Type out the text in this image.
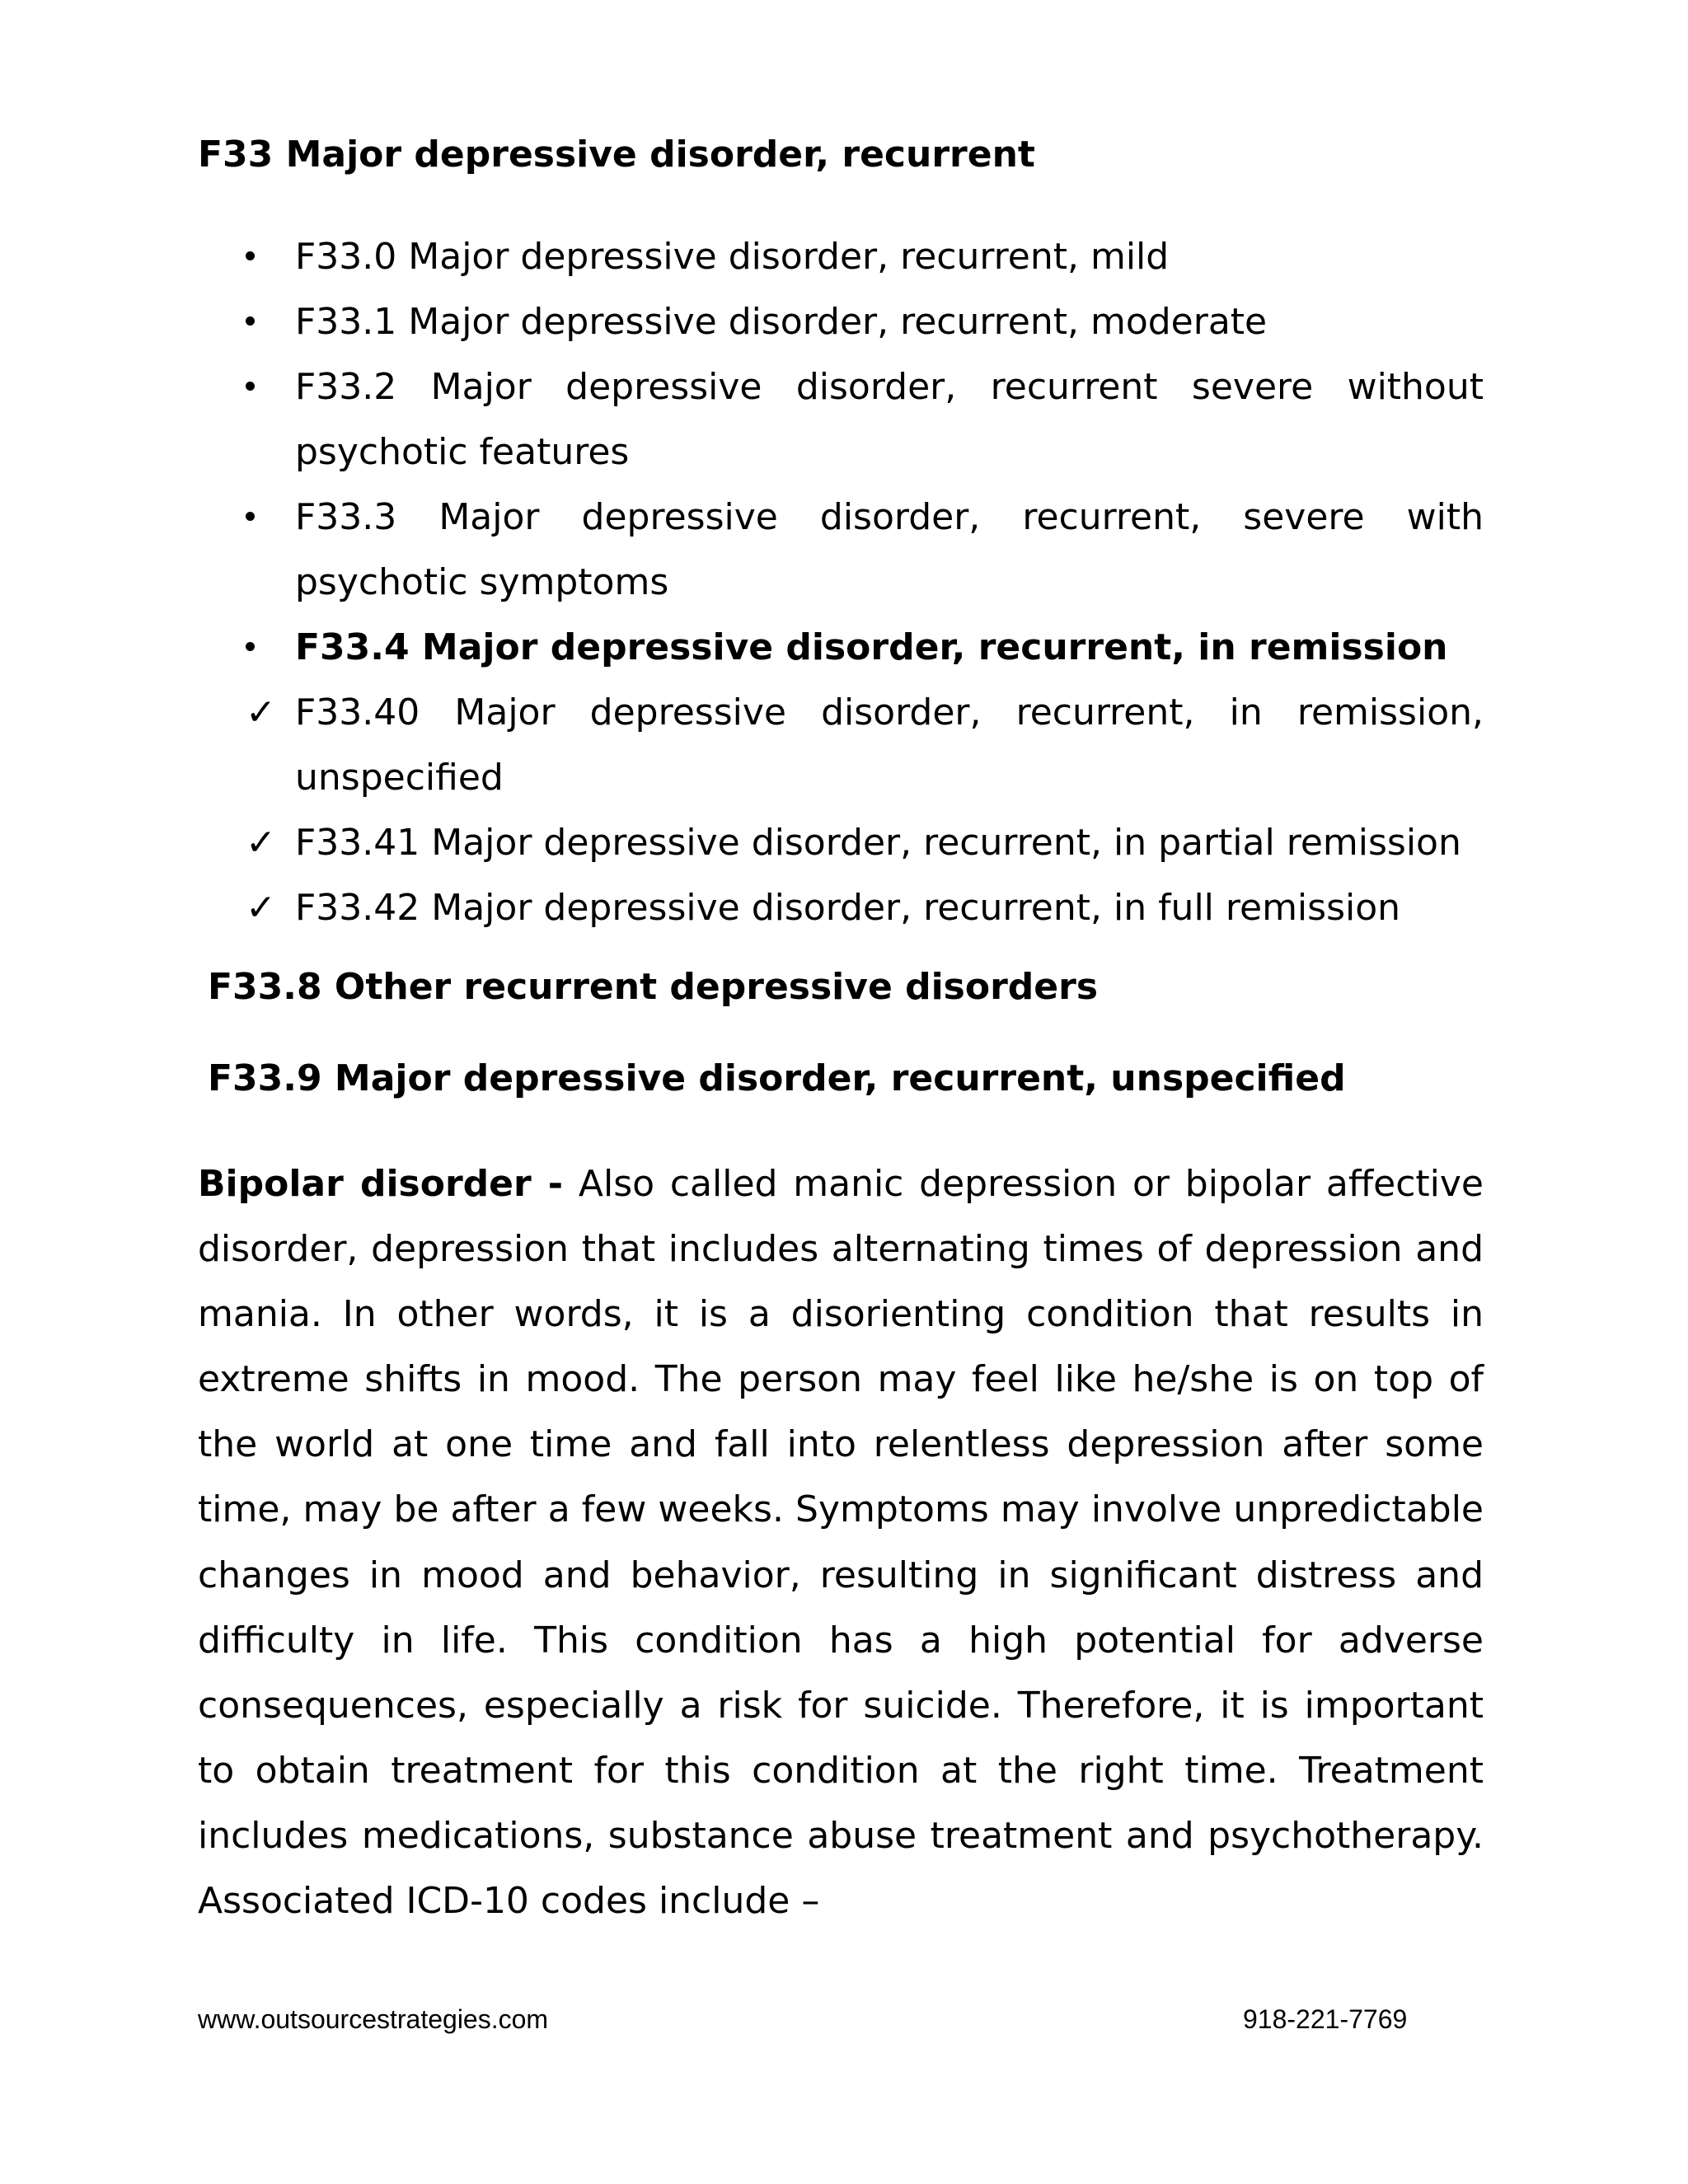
F33 Major depressive disorder, recurrent
F33.0 Major depressive disorder, recurrent, mild
F33.1 Major depressive disorder, recurrent, moderate
F33.2 Major depressive disorder, recurrent severe without psychotic features
F33.3 Major depressive disorder, recurrent, severe with psychotic symptoms
F33.4 Major depressive disorder, recurrent, in remission
✓ F33.40 Major depressive disorder, recurrent, in remission, unspecified
✓ F33.41 Major depressive disorder, recurrent, in partial remission
✓ F33.42 Major depressive disorder, recurrent, in full remission
F33.8 Other recurrent depressive disorders
F33.9 Major depressive disorder, recurrent, unspecified

Bipolar disorder - Also called manic depression or bipolar affective disorder, depression that includes alternating times of depression and mania. In other words, it is a disorienting condition that results in extreme shifts in mood. The person may feel like he/she is on top of the world at one time and fall into relentless depression after some time, may be after a few weeks. Symptoms may involve unpredictable changes in mood and behavior, resulting in significant distress and difficulty in life. This condition has a high potential for adverse consequences, especially a risk for suicide. Therefore, it is important to obtain treatment for this condition at the right time. Treatment includes medications, substance abuse treatment and psychotherapy. Associated ICD-10 codes include –

www.outsourcestrategies.com	918-221-7769
